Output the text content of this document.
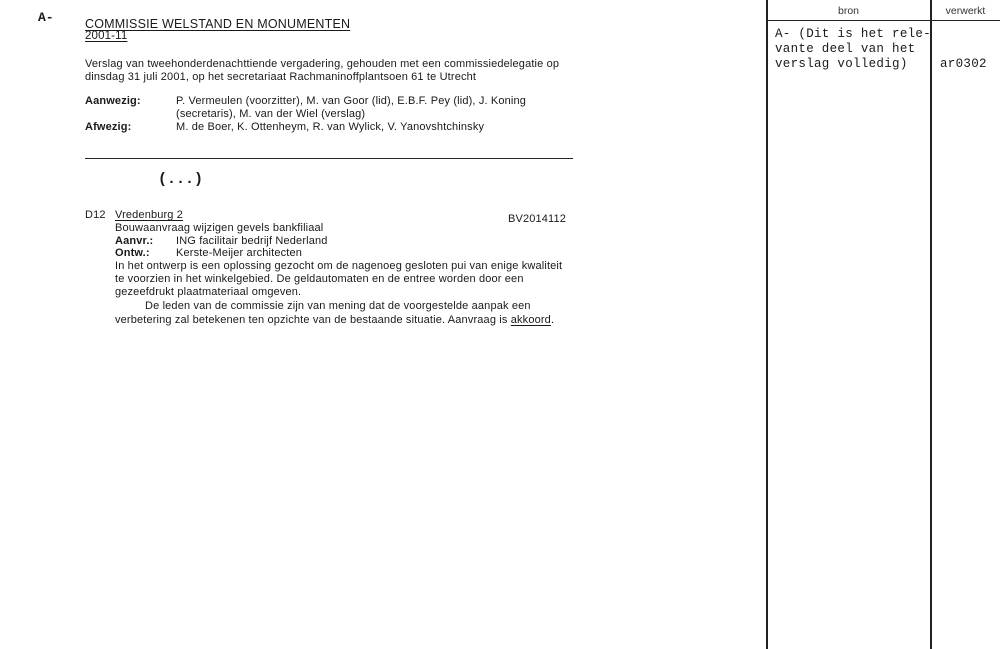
A-	COMMISSIE WELSTAND EN MONUMENTEN
2001-11
Verslag van tweehonderdenachttiende vergadering, gehouden met een commissiedelegatie op
dinsdag 31 juli 2001, op het secretariaat Rachmaninoffplantsoen 61 te Utrecht
Aanwezig:	P. Vermeulen (voorzitter), M. van Goor (lid), E.B.F. Pey (lid), J. Koning
(secretaris), M. van der Wiel (verslag)
Afwezig:	M. de Boer, K. Ottenheym, R. van Wylick, V. Yanovshtchinsky
(...)
D12 Vredenburg 2	BV2014112
Bouwaanvraag wijzigen gevels bankfiliaal
Aanvr.: ING facilitair bedrijf Nederland
Ontw.: Kerste-Meijer architecten
In het ontwerp is een oplossing gezocht om de nagenoeg gesloten pui van enige kwaliteit
te voorzien in het winkelgebied. De geldautomaten en de entree worden door een
gezeefdrukt plaatmateriaal omgeven.
De leden van de commissie zijn van mening dat de voorgestelde aanpak een
verbetering zal betekenen ten opzichte van de bestaande situatie. Aanvraag is akkoord.
bron	verwerkt
A- (Dit is het rele-
vante deel van het
verslag volledig)	ar0302
